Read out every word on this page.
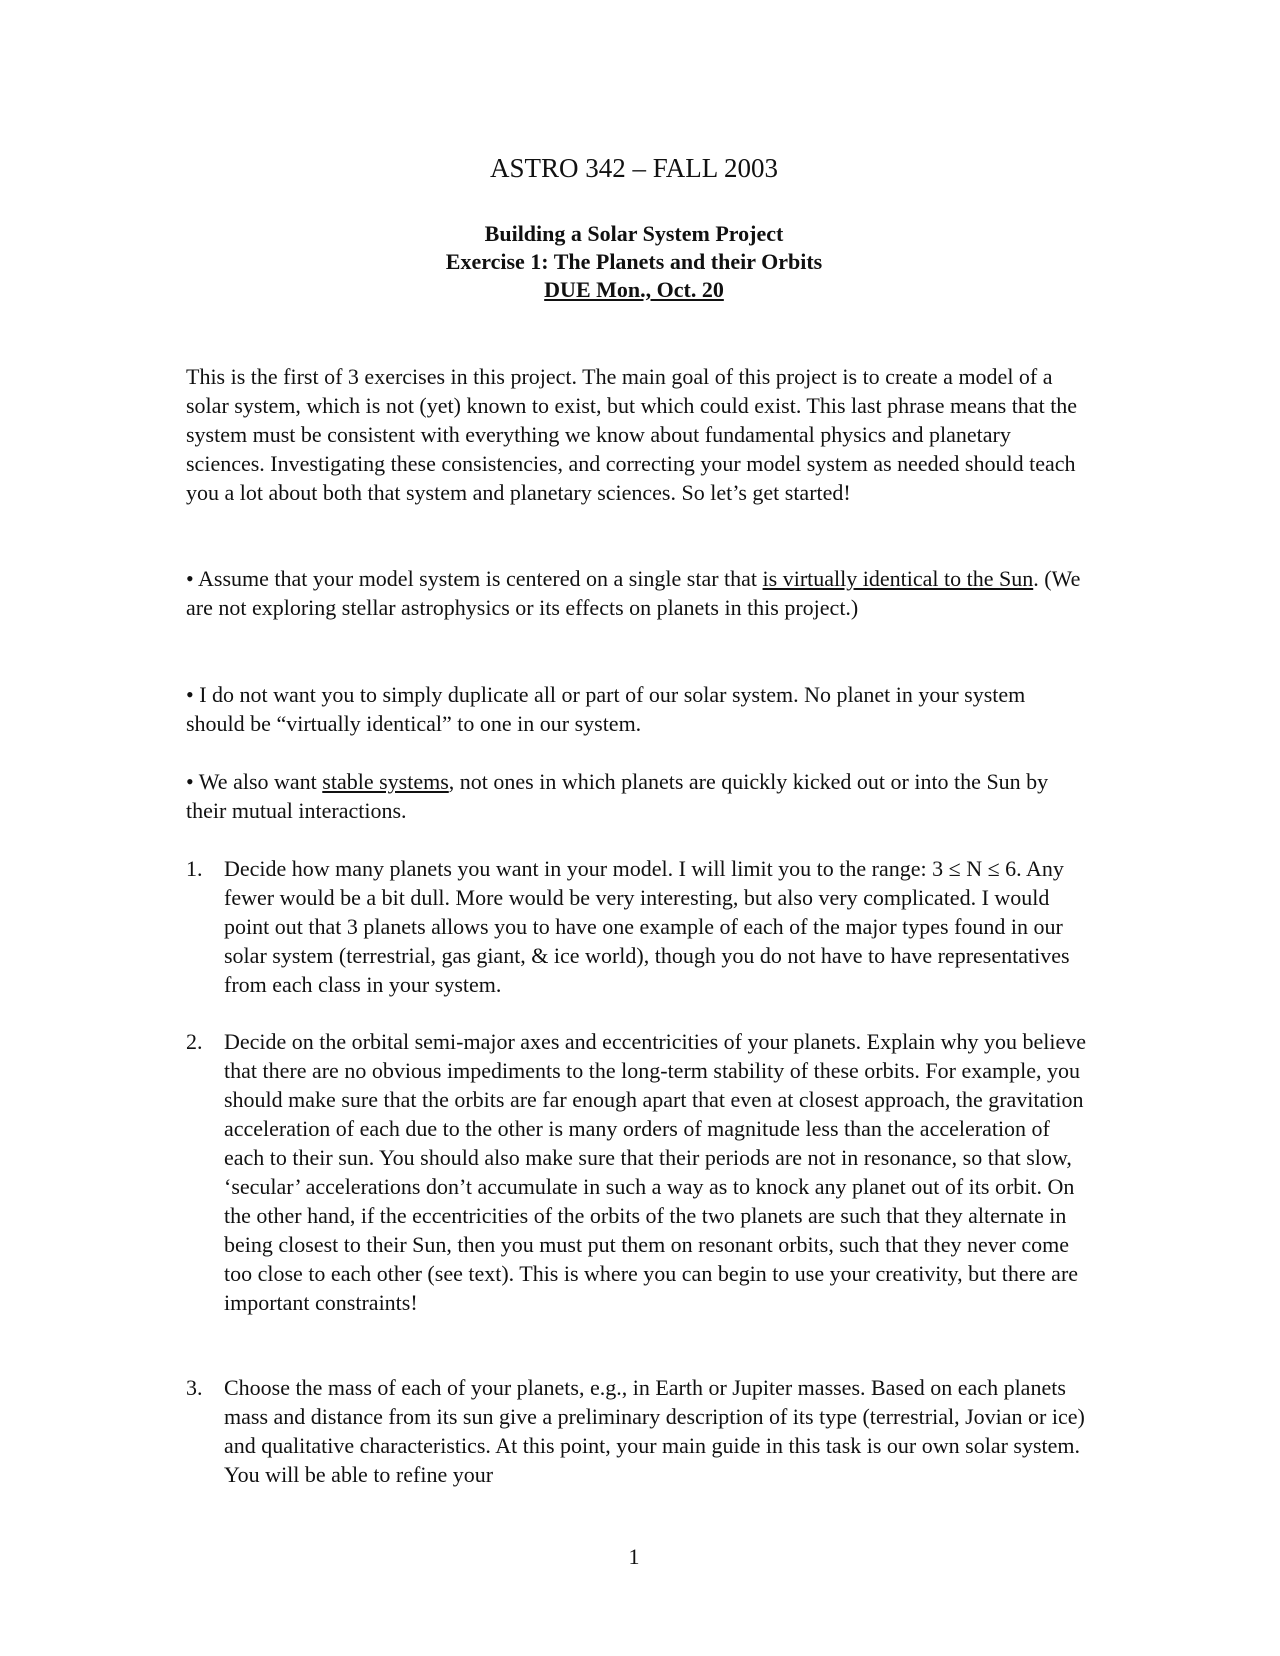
ASTRO 342 – FALL 2003
Building a Solar System Project
Exercise 1: The Planets and their Orbits
DUE Mon., Oct. 20
This is the first of 3 exercises in this project. The main goal of this project is to create a model of a solar system, which is not (yet) known to exist, but which could exist. This last phrase means that the system must be consistent with everything we know about fundamental physics and planetary sciences. Investigating these consistencies, and correcting your model system as needed should teach you a lot about both that system and planetary sciences. So let’s get started!
• Assume that your model system is centered on a single star that is virtually identical to the Sun. (We are not exploring stellar astrophysics or its effects on planets in this project.)
• I do not want you to simply duplicate all or part of our solar system. No planet in your system should be “virtually identical” to one in our system.
• We also want stable systems, not ones in which planets are quickly kicked out or into the Sun by their mutual interactions.
1. Decide how many planets you want in your model. I will limit you to the range: 3 ≤ N ≤ 6. Any fewer would be a bit dull. More would be very interesting, but also very complicated. I would point out that 3 planets allows you to have one example of each of the major types found in our solar system (terrestrial, gas giant, & ice world), though you do not have to have representatives from each class in your system.
2. Decide on the orbital semi-major axes and eccentricities of your planets. Explain why you believe that there are no obvious impediments to the long-term stability of these orbits. For example, you should make sure that the orbits are far enough apart that even at closest approach, the gravitation acceleration of each due to the other is many orders of magnitude less than the acceleration of each to their sun. You should also make sure that their periods are not in resonance, so that slow, ‘secular’ accelerations don’t accumulate in such a way as to knock any planet out of its orbit. On the other hand, if the eccentricities of the orbits of the two planets are such that they alternate in being closest to their Sun, then you must put them on resonant orbits, such that they never come too close to each other (see text). This is where you can begin to use your creativity, but there are important constraints!
3. Choose the mass of each of your planets, e.g., in Earth or Jupiter masses. Based on each planets mass and distance from its sun give a preliminary description of its type (terrestrial, Jovian or ice) and qualitative characteristics. At this point, your main guide in this task is our own solar system. You will be able to refine your
1
